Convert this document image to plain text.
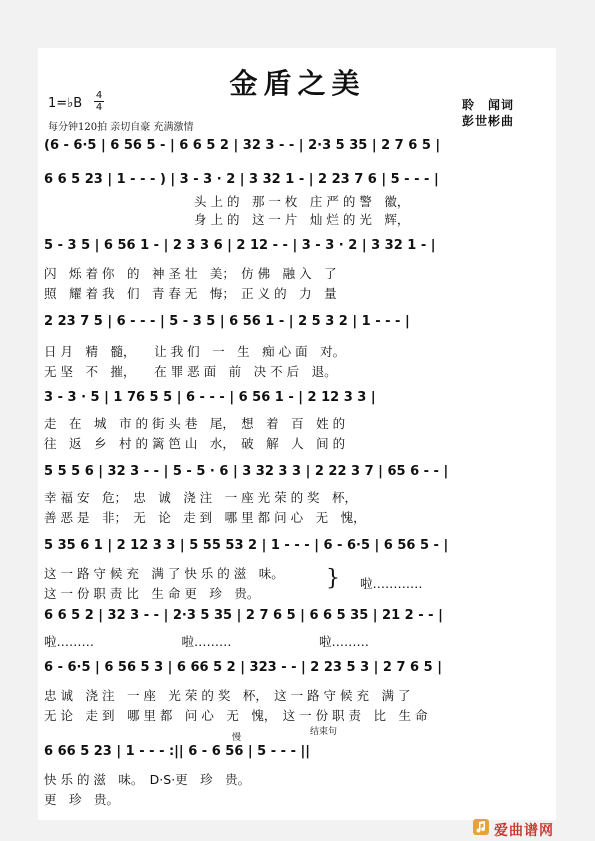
金盾之美
1=♭B
4
4
每分钟120拍 亲切自豪 充满激情
聆　闻词
彭世彬曲
(6 - 6·5 | 6 56 5 - | 6 6 5 2 | 32 3 - - | 2·3 5 35 | 2 7 6 5 |
6 6 5 23 | 1 - - - ) | 3 - 3 · 2 | 3 32 1 - | 2 23 7 6 | 5 - - - |
　　　　　　　　　　　　头 上 的　那 一 枚　庄 严 的 警　徽，
　　　　　　　　　　　　身 上 的　这 一 片　灿 烂 的 光　辉，
5 - 3 5 | 6 56 1 - | 2 3 3 6 | 2 12 - - | 3 - 3 · 2 | 3 32 1 - |
闪　烁 着 你　的　神 圣 壮　美；　仿 佛　融 入　了
照　耀 着 我　们　青 春 无　悔；　正 义 的　力　量
2 23 7 5 | 6 - - - | 5 - 3 5 | 6 56 1 - | 2 5 3 2 | 1 - - - |
日 月　精　髓，　　让 我 们　一　生　痴 心 面　对。
无 坚　不　摧，　　在 罪 恶 面　前　决 不 后　退。
3 - 3 · 5 | 1 76 5 5 | 6 - - - | 6 56 1 - | 2 12 3 3 |
走　在　城　市 的 街 头 巷　尾，　想　着　百　姓 的
往　返　乡　村 的 篱 笆 山　水，　破　解　人　间 的
5 5 5 6 | 32 3 - - | 5 - 5 · 6 | 3 32 3 3 | 2 22 3 7 | 65 6 - - |
幸 福 安　危；　忠　诚　浇 注　一 座 光 荣 的 奖　杯，
善 恶 是　非；　无　论　走 到　哪 里 都 问 心　无　愧，
5 35 6 1 | 2 12 3 3 | 5 55 53 2 | 1 - - - | 6 - 6·5 | 6 56 5 - |
这 一 路 守 候 充　满 了 快 乐 的 滋　味。
这 一 份 职 责 比　生 命 更　珍　贵。
} 啦…………
6 6 5 2 | 32 3 - - | 2·3 5 35 | 2 7 6 5 | 6 6 5 35 | 21 2 - - |
啦………　　　　　　　啦………　　　　　　　啦………
6 - 6·5 | 6 56 5 3 | 6 66 5 2 | 323 - - | 2 23 5 3 | 2 7 6 5 |
忠 诚　浇 注　一 座　光 荣 的 奖　杯，　这 一 路 守 候 充　满 了
无 论　走 到　哪 里 都　问 心　无　愧，　这 一 份 职 责　比　生 命
慢
结束句
6 66 5 23 | 1 - - - :|| 6 - 6 56 | 5 - - - ||
快 乐 的 滋　味。　D·S·更　珍　贵。
更　珍　贵。
爱曲谱网
